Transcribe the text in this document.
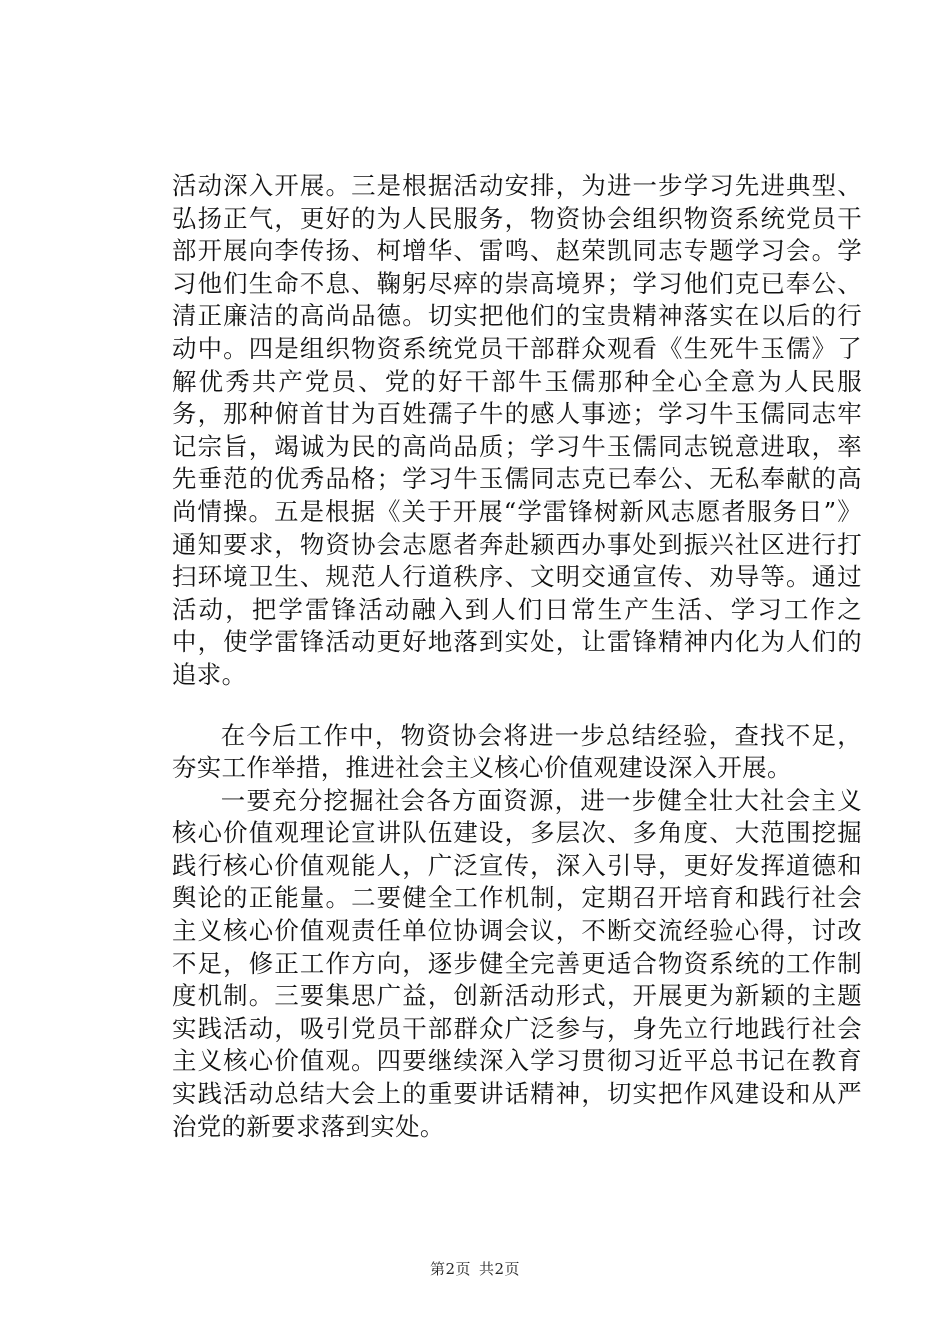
活动深入开展。三是根据活动安排，为进一步学习先进典型、弘扬正气，更好的为人民服务，物资协会组织物资系统党员干部开展向李传扬、柯增华、雷鸣、赵荣凯同志专题学习会。学习他们生命不息、鞠躬尽瘁的崇高境界；学习他们克已奉公、清正廉洁的高尚品德。切实把他们的宝贵精神落实在以后的行动中。四是组织物资系统党员干部群众观看《生死牛玉儒》了解优秀共产党员、党的好干部牛玉儒那种全心全意为人民服务，那种俯首甘为百姓孺子牛的感人事迹；学习牛玉儒同志牢记宗旨，竭诚为民的高尚品质；学习牛玉儒同志锐意进取，率先垂范的优秀品格；学习牛玉儒同志克已奉公、无私奉献的高尚情操。五是根据《关于开展“学雷锋树新风志愿者服务日”》通知要求，物资协会志愿者奔赴颍西办事处到振兴社区进行打扫环境卫生、规范人行道秩序、文明交通宣传、劝导等。通过活动，把学雷锋活动融入到人们日常生产生活、学习工作之中，使学雷锋活动更好地落到实处，让雷锋精神内化为人们的追求。

在今后工作中，物资协会将进一步总结经验，查找不足，夯实工作举措，推进社会主义核心价值观建设深入开展。

一要充分挖掘社会各方面资源，进一步健全壮大社会主义核心价值观理论宣讲队伍建设，多层次、多角度、大范围挖掘践行核心价值观能人，广泛宣传，深入引导，更好发挥道德和舆论的正能量。二要健全工作机制，定期召开培育和践行社会主义核心价值观责任单位协调会议，不断交流经验心得，讨改不足，修正工作方向，逐步健全完善更适合物资系统的工作制度机制。三要集思广益，创新活动形式，开展更为新颖的主题实践活动，吸引党员干部群众广泛参与，身先立行地践行社会主义核心价值观。四要继续深入学习贯彻习近平总书记在教育实践活动总结大会上的重要讲话精神，切实把作风建设和从严治党的新要求落到实处。

第2页 共2页
